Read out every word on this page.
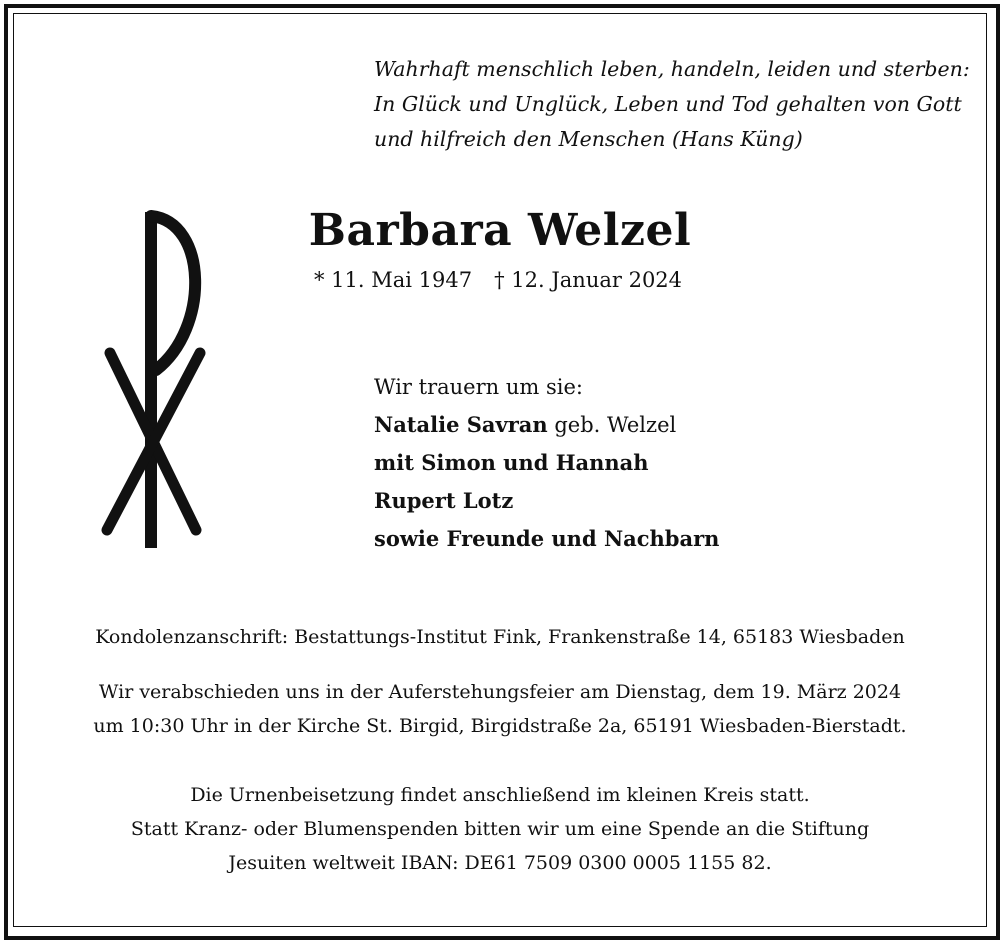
Wahrhaft menschlich leben, handeln, leiden und sterben:
In Glück und Unglück, Leben und Tod gehalten von Gott
und hilfreich den Menschen (Hans Küng)
Barbara Welzel
* 11. Mai 1947 † 12. Januar 2024
Wir trauern um sie:
Natalie Savran geb. Welzel
mit Simon und Hannah
Rupert Lotz
sowie Freunde und Nachbarn
Kondolenzanschrift: Bestattungs-Institut Fink, Frankenstraße 14, 65183 Wiesbaden
Wir verabschieden uns in der Auferstehungsfeier am Dienstag, dem 19. März 2024
um 10:30 Uhr in der Kirche St. Birgid, Birgidstraße 2a, 65191 Wiesbaden-Bierstadt.
Die Urnenbeisetzung findet anschließend im kleinen Kreis statt.
Statt Kranz- oder Blumenspenden bitten wir um eine Spende an die Stiftung
Jesuiten weltweit IBAN: DE61 7509 0300 0005 1155 82.
